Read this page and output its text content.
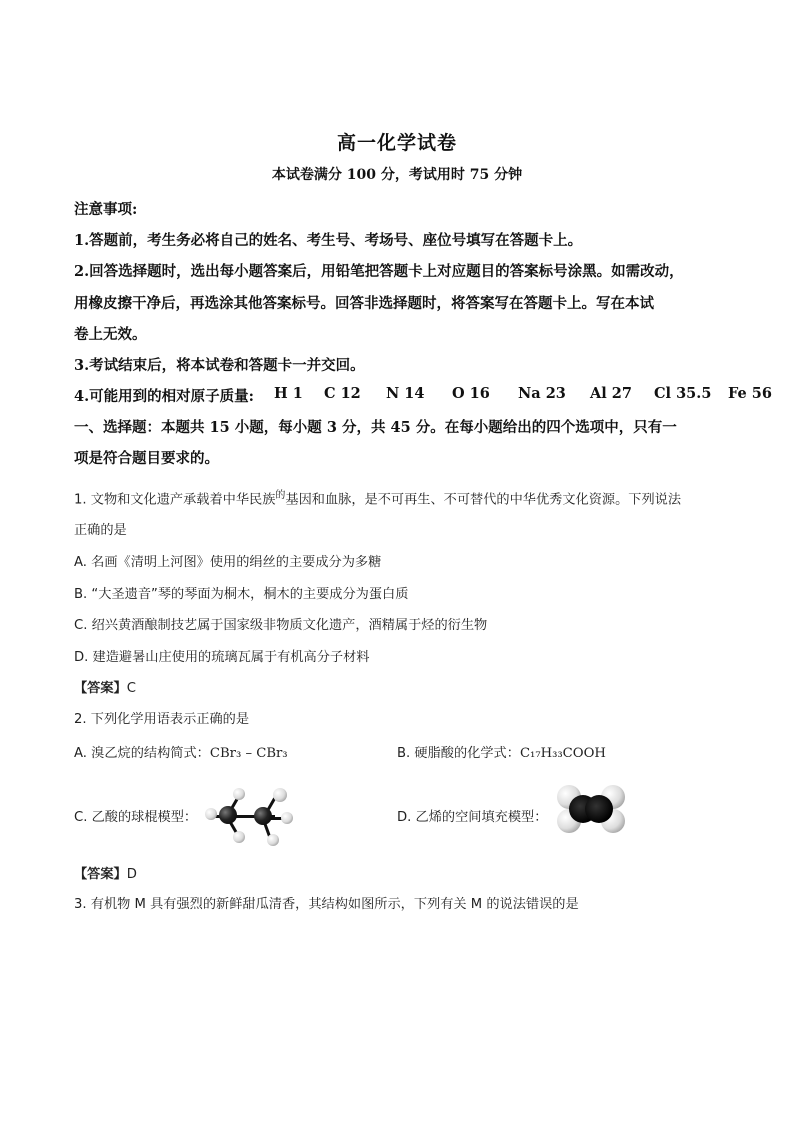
高一化学试卷
本试卷满分 100 分，考试用时 75 分钟
注意事项:
1.答题前，考生务必将自己的姓名、考生号、考场号、座位号填写在答题卡上。
2.回答选择题时，选出每小题答案后，用铅笔把答题卡上对应题目的答案标号涂黑。如需改动，
用橡皮擦干净后，再选涂其他答案标号。回答非选择题时，将答案写在答题卡上。写在本试
卷上无效。
3.考试结束后，将本试卷和答题卡一并交回。
4.可能用到的相对原子质量: H 1 C 12 N 14 O 16 Na 23 Al 27 Cl 35.5 Fe 56
一、选择题：本题共 15 小题，每小题 3 分，共 45 分。在每小题给出的四个选项中，只有一
项是符合题目要求的。
1. 文物和文化遗产承载着中华民族$^的$基因和血脉，是不可再生、不可替代的中华优秀文化资源。下列说法
正确的是
A. 名画《清明上河图》使用的绢丝的主要成分为多糖
B. “大圣遗音”琴的琴面为桐木，桐木的主要成分为蛋白质
C. 绍兴黄酒酿制技艺属于国家级非物质文化遗产，酒精属于烃的衍生物
D. 建造避暑山庄使用的琉璃瓦属于有机高分子材料
【答案】C
2. 下列化学用语表示正确的是
A. 溴乙烷的结构简式：CBr₃ – CBr₃	B. 硬脂酸的化学式：C₁₇H₃₃COOH
C. 乙酸的球棍模型：	D. 乙烯的空间填充模型：
【答案】D
3. 有机物 M 具有强烈的新鲜甜瓜清香，其结构如图所示，下列有关 M 的说法错误的是
